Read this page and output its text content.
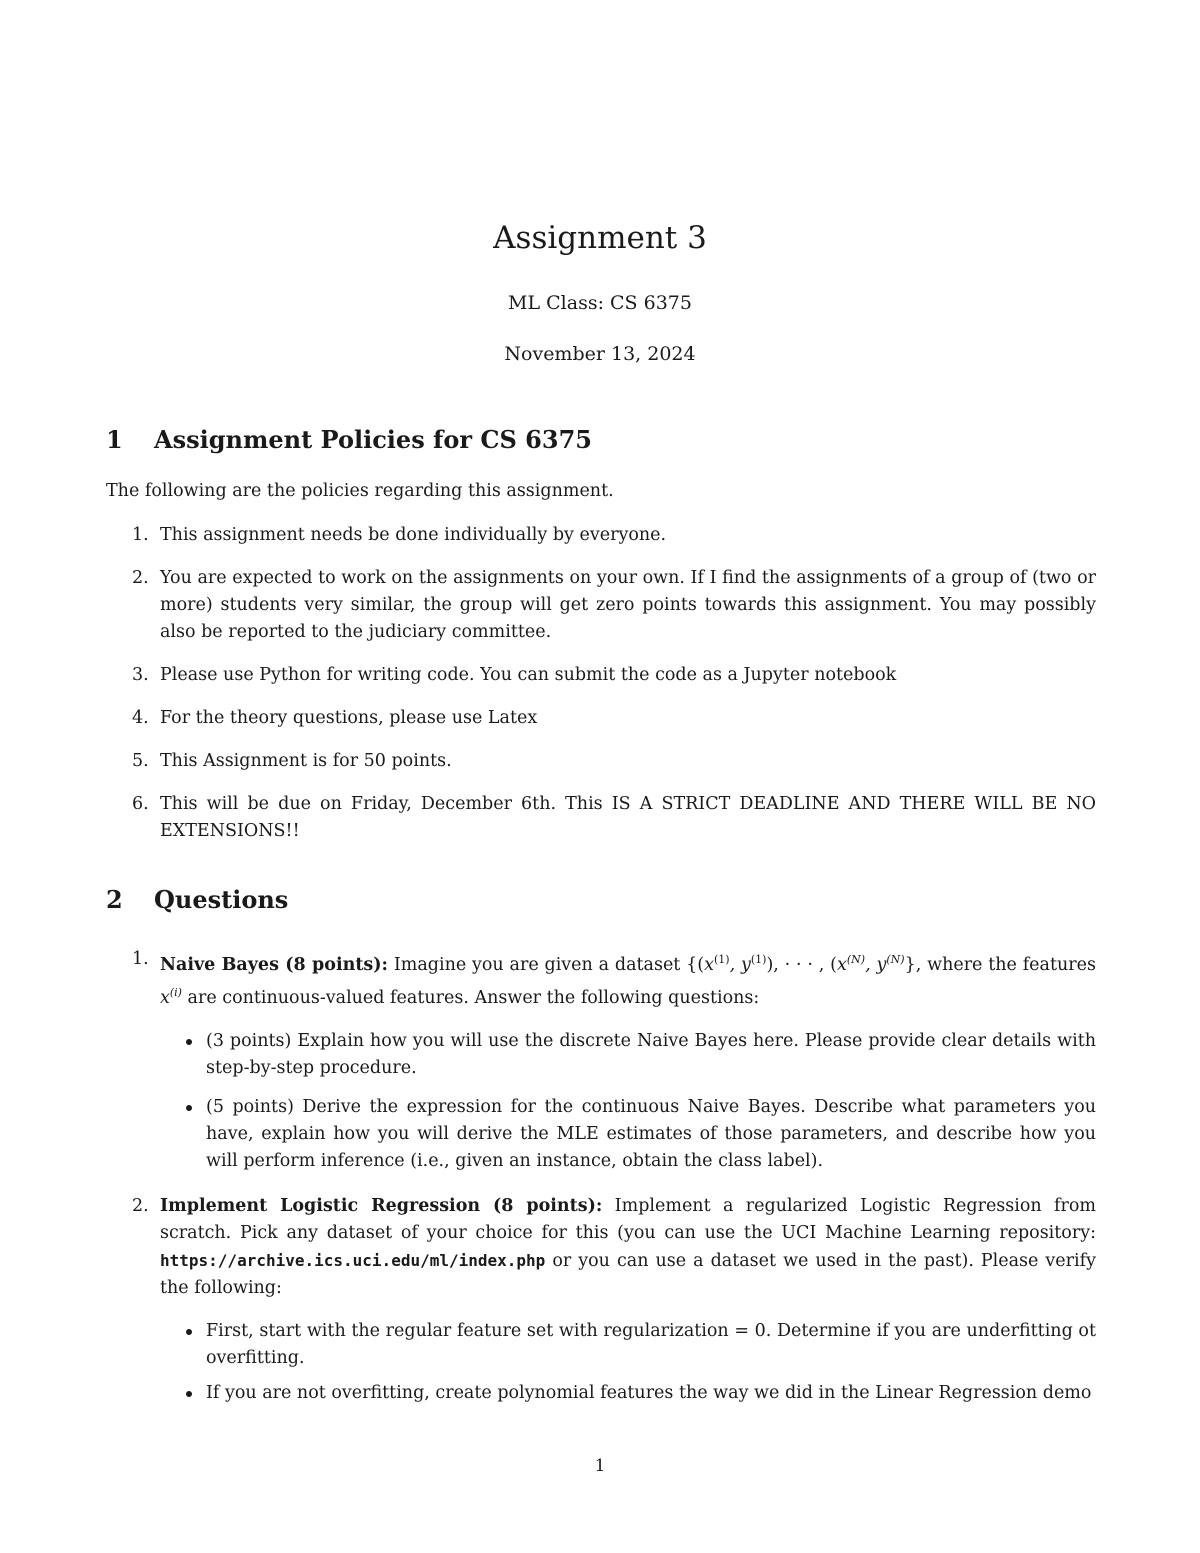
Assignment 3
ML Class: CS 6375
November 13, 2024
1	Assignment Policies for CS 6375

The following are the policies regarding this assignment.

1. This assignment needs be done individually by everyone.
2. You are expected to work on the assignments on your own. If I find the assignments of a group of (two or more) students very similar, the group will get zero points towards this assignment. You may possibly also be reported to the judiciary committee.
3. Please use Python for writing code. You can submit the code as a Jupyter notebook
4. For the theory questions, please use Latex
5. This Assignment is for 50 points.
6. This will be due on Friday, December 6th. This IS A STRICT DEADLINE AND THERE WILL BE NO EXTENSIONS!!
2	Questions
1. Naive Bayes (8 points): Imagine you are given a dataset {($x^{(1)}$, $y^{(1)}$), · · · , ($x^{(N)}$, $y^{(N)}$}, where the features $x^{(i)}$ are continuous-valued features. Answer the following questions:
(3 points) Explain how you will use the discrete Naive Bayes here. Please provide clear details with step-by-step procedure.
(5 points) Derive the expression for the continuous Naive Bayes. Describe what parameters you have, explain how you will derive the MLE estimates of those parameters, and describe how you will perform inference (i.e., given an instance, obtain the class label).
2. Implement Logistic Regression (8 points): Implement a regularized Logistic Regression from scratch. Pick any dataset of your choice for this (you can use the UCI Machine Learning repository: https://archive.ics.uci.edu/ml/index.php or you can use a dataset we used in the past). Please verify the following:
First, start with the regular feature set with regularization = 0. Determine if you are underfitting ot overfitting.
If you are not overfitting, create polynomial features the way we did in the Linear Regression demo
1
